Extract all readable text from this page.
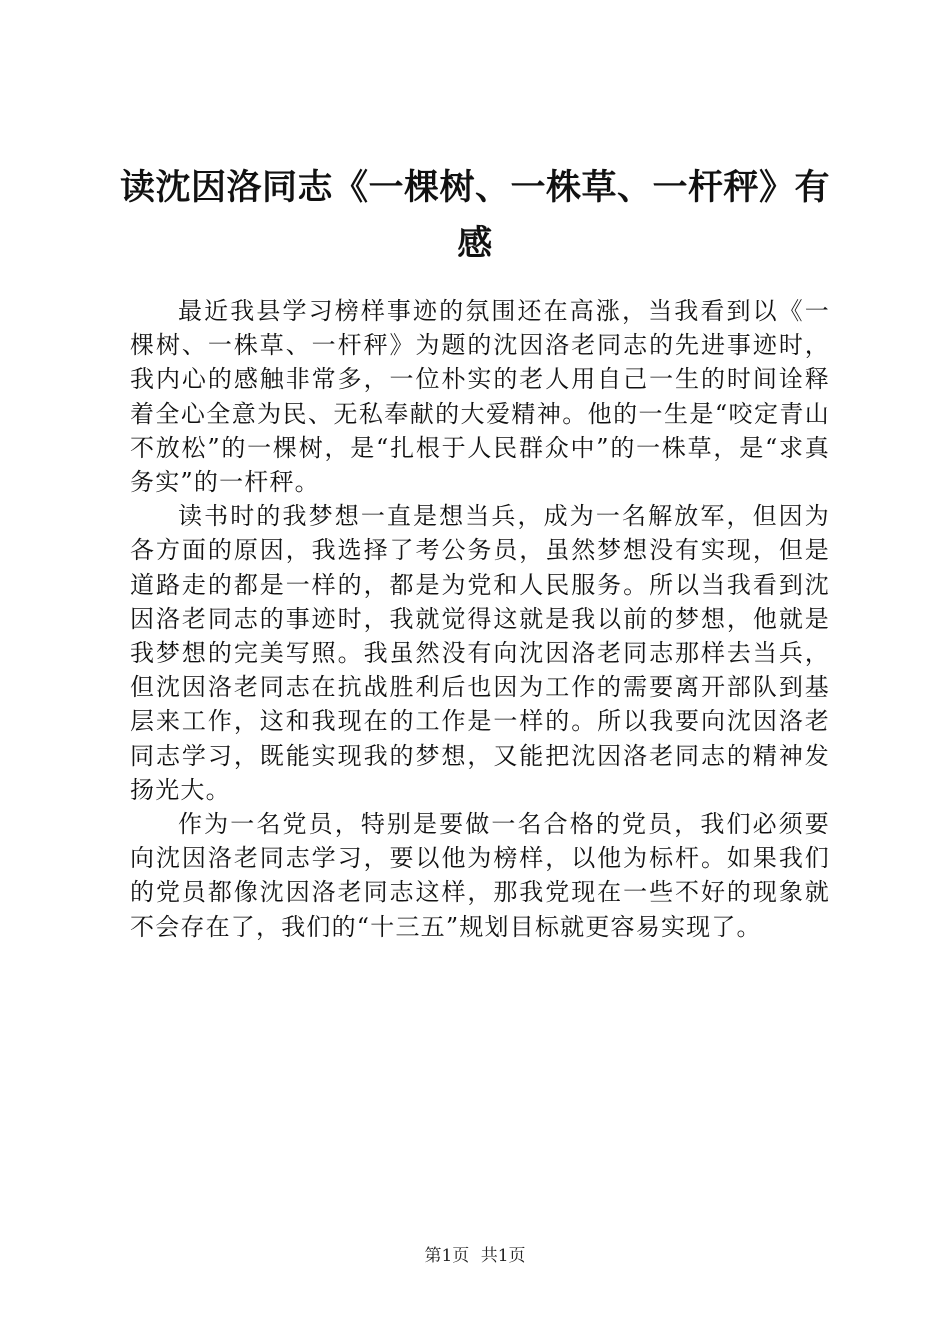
读沈因洛同志《一棵树、一株草、一杆秤》有
感

最近我县学习榜样事迹的氛围还在高涨，当我看到以《一棵树、一株草、一杆秤》为题的沈因洛老同志的先进事迹时，我内心的感触非常多，一位朴实的老人用自己一生的时间诠释着全心全意为民、无私奉献的大爱精神。他的一生是“咬定青山不放松”的一棵树，是“扎根于人民群众中”的一株草，是“求真务实”的一杆秤。

读书时的我梦想一直是想当兵，成为一名解放军，但因为各方面的原因，我选择了考公务员，虽然梦想没有实现，但是道路走的都是一样的，都是为党和人民服务。所以当我看到沈因洛老同志的事迹时，我就觉得这就是我以前的梦想，他就是我梦想的完美写照。我虽然没有向沈因洛老同志那样去当兵，但沈因洛老同志在抗战胜利后也因为工作的需要离开部队到基层来工作，这和我现在的工作是一样的。所以我要向沈因洛老同志学习，既能实现我的梦想，又能把沈因洛老同志的精神发扬光大。

作为一名党员，特别是要做一名合格的党员，我们必须要向沈因洛老同志学习，要以他为榜样，以他为标杆。如果我们的党员都像沈因洛老同志这样，那我党现在一些不好的现象就不会存在了，我们的“十三五”规划目标就更容易实现了。

第1页 共1页
